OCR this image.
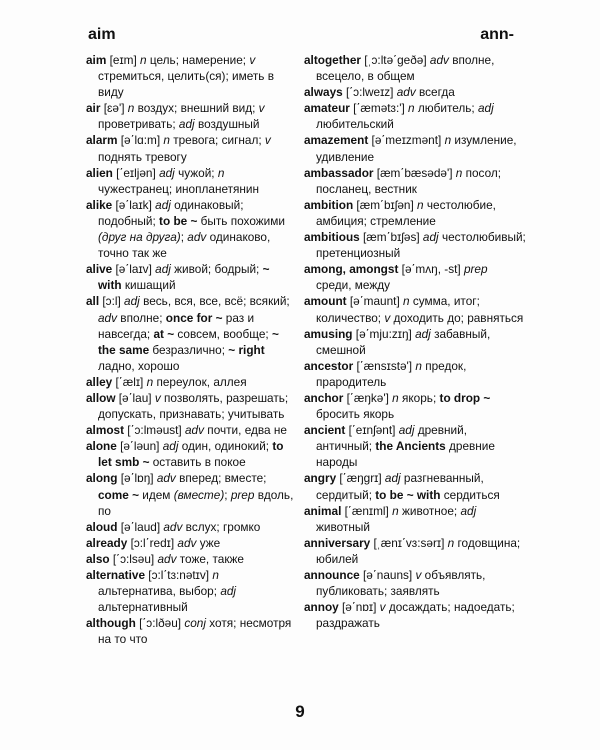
aim	ann-
aim [eɪm] n цель; намерение; v стремиться, целить(ся); иметь в виду
air [ɛə'] n воздух; внешний вид; v проветривать; adj воздушный
alarm [ə΄lɑ:m] n тревога; сигнал; v поднять тревогу
alien [΄eɪljən] adj чужой; n чужестранец; инопланетянин
alike [ə΄laɪk] adj одинаковый; подобный; to be ~ быть похожими (друг на друга); adv одинаково, точно так же
alive [ə΄laɪv] adj живой; бодрый; ~ with кишащий
all [ɔ:l] adj весь, вся, все, всё; всякий; adv вполне; once for ~ раз и навсегда; at ~ совсем, вообще; ~ the same безразлично; ~ right ладно, хорошо
alley [΄ælɪ] n переулок, аллея
allow [ə΄lau] v позволять, разрешать; допускать, признавать; учитывать
almost [΄ɔ:lməust] adv почти, едва не
alone [ə΄ləun] adj один, одинокий; to let smb ~ оставить в покое
along [ə΄lɒŋ] adv вперед; вместе; come ~ идем (вместе); prep вдоль, по
aloud [ə΄laud] adv вслух; громко
already [ɔ:l΄redɪ] adv уже
also [΄ɔ:lsəu] adv тоже, также
alternative [ɔ:l΄tɜ:nətɪv] n альтернатива, выбор; adj альтернативный
although [΄ɔ:lðəu] conj хотя; несмотря на то что
altogether [ˌɔ:ltə΄geðə] adv вполне, всецело, в общем
always [΄ɔ:lweɪz] adv всегда
amateur [΄æmətɜ:'] n любитель; adj любительский
amazement [ə΄meɪzmənt] n изумление, удивление
ambassador [æm΄bæsədə'] n посол; посланец, вестник
ambition [æm΄bɪʃən] n честолюбие, амбиция; стремление
ambitious [æm΄bɪʃəs] adj честолюбивый; претенциозный
among, amongst [ə΄mʌŋ, -st] prep среди, между
amount [ə΄maunt] n сумма, итог; количество; v доходить до; равняться
amusing [ə΄mju:zɪŋ] adj забавный, смешной
ancestor [΄ænsɪstə'] n предок, прародитель
anchor [΄æŋkə'] n якорь; to drop ~ бросить якорь
ancient [΄eɪnʃənt] adj древний, античный; the Ancients древние народы
angry [΄æŋgrɪ] adj разгневанный, сердитый; to be ~ with сердиться
animal [΄ænɪml] n животное; adj животный
anniversary [ˌænɪ΄vɜ:sərɪ] n годовщина; юбилей
announce [ə΄nauns] v объявлять, публиковать; заявлять
annoy [ə΄nɒɪ] v досаждать; надоедать; раздражать
9
